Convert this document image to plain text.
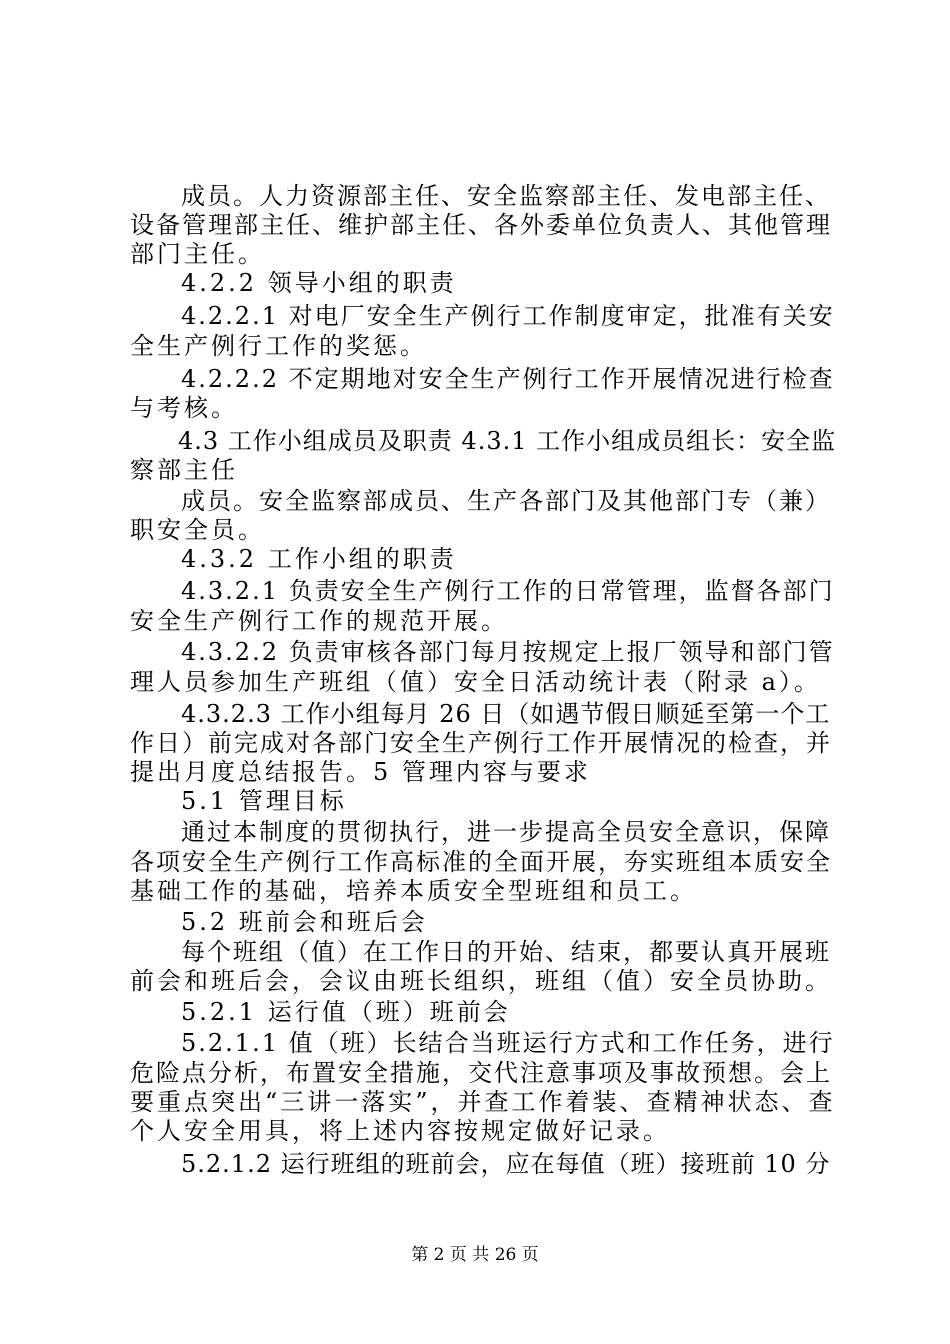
成员。人力资源部主任、安全监察部主任、发电部主任、
设备管理部主任、维护部主任、各外委单位负责人、其他管理
部门主任。
4.2.2 领导小组的职责
4.2.2.1 对电厂安全生产例行工作制度审定，批准有关安
全生产例行工作的奖惩。
4.2.2.2 不定期地对安全生产例行工作开展情况进行检查
与考核。
4.3 工作小组成员及职责 4.3.1 工作小组成员组长：安全监
察部主任
成员。安全监察部成员、生产各部门及其他部门专（兼）
职安全员。
4.3.2 工作小组的职责
4.3.2.1 负责安全生产例行工作的日常管理，监督各部门
安全生产例行工作的规范开展。
4.3.2.2 负责审核各部门每月按规定上报厂领导和部门管
理人员参加生产班组（值）安全日活动统计表（附录 a）。
4.3.2.3 工作小组每月 26 日（如遇节假日顺延至第一个工
作日）前完成对各部门安全生产例行工作开展情况的检查，并
提出月度总结报告。5 管理内容与要求
5.1 管理目标
通过本制度的贯彻执行，进一步提高全员安全意识，保障
各项安全生产例行工作高标准的全面开展，夯实班组本质安全
基础工作的基础，培养本质安全型班组和员工。
5.2 班前会和班后会
每个班组（值）在工作日的开始、结束，都要认真开展班
前会和班后会，会议由班长组织，班组（值）安全员协助。
5.2.1 运行值（班）班前会
5.2.1.1 值（班）长结合当班运行方式和工作任务，进行
危险点分析，布置安全措施，交代注意事项及事故预想。会上
要重点突出“三讲一落实”，并查工作着装、查精神状态、查
个人安全用具，将上述内容按规定做好记录。
5.2.1.2 运行班组的班前会，应在每值（班）接班前 10 分
第 2 页 共 26 页
